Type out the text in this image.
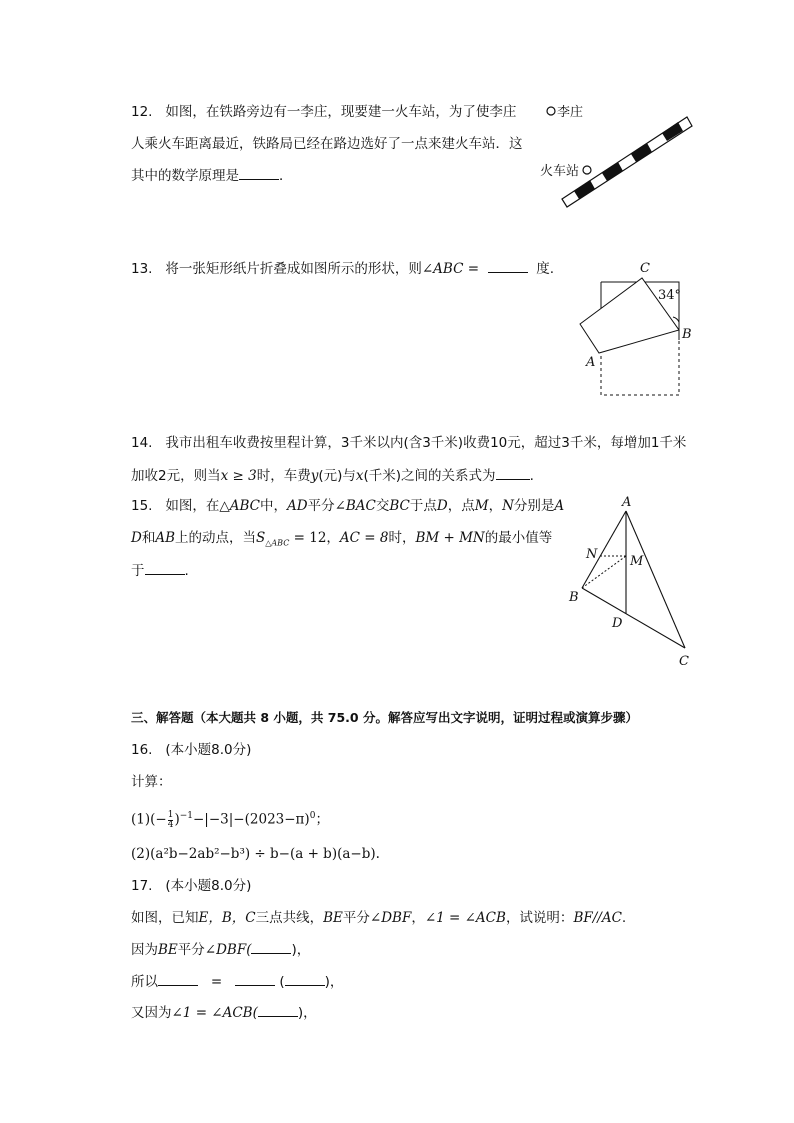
12. 如图，在铁路旁边有一李庄，现要建一火车站，为了使李庄
人乘火车距离最近，铁路局已经在路边选好了一点来建火车站．这
其中的数学原理是	．
李庄
火车站
13. 将一张矩形纸片折叠成如图所示的形状，则∠ABC =	度.	C
B
A
34°
14. 我市出租车收费按里程计算，3千米以内(含3千米)收费10元，超过3千米，每增加1千米
加收2元，则当x ≥ 3时，车费y(元)与x(千米)之间的关系式为	.
15. 如图，在△ABC中，AD平分∠BAC交BC于点D，点M，N分别是A
D和AB上的动点，当$S_{\triangle ABC} = 12$，AC = 8时，BM + MN的最小值等
于	.
A
N	M
B
D
C
三、解答题（本大题共 8 小题，共 75.0 分。解答应写出文字说明，证明过程或演算步骤）
16. (本小题8.0分)
计算：
$(1)(- \frac{1}{4} )^{-1}-|-3|-(2023-\pi)^0$；
(2)(a²b−2ab²−b³) ÷ b−(a + b)(a−b).
17. (本小题8.0分)
如图，已知E，B，C三点共线，BE平分∠DBF，∠1 = ∠ACB，试说明：BF//AC.
因为BE平分∠DBF(	)，
所以	=	(	)，
又因为∠1 = ∠ACB(	)，
